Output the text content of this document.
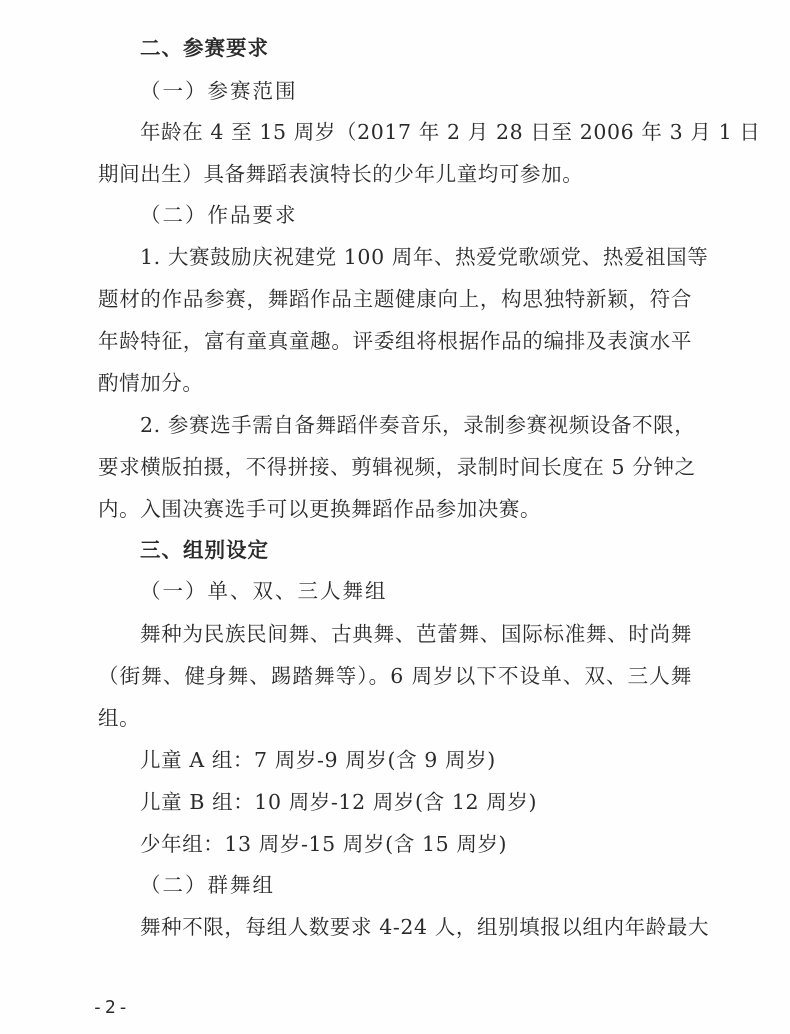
二、参赛要求
（一）参赛范围
年龄在 4 至 15 周岁（2017 年 2 月 28 日至 2006 年 3 月 1 日
期间出生）具备舞蹈表演特长的少年儿童均可参加。
（二）作品要求
1. 大赛鼓励庆祝建党 100 周年、热爱党歌颂党、热爱祖国等
题材的作品参赛，舞蹈作品主题健康向上，构思独特新颖，符合
年龄特征，富有童真童趣。评委组将根据作品的编排及表演水平
酌情加分。
2. 参赛选手需自备舞蹈伴奏音乐，录制参赛视频设备不限，
要求横版拍摄，不得拼接、剪辑视频，录制时间长度在 5 分钟之
内。入围决赛选手可以更换舞蹈作品参加决赛。
三、组别设定
（一）单、双、三人舞组
舞种为民族民间舞、古典舞、芭蕾舞、国际标准舞、时尚舞
（街舞、健身舞、踢踏舞等）。6 周岁以下不设单、双、三人舞
组。
儿童 A 组：7 周岁-9 周岁(含 9 周岁)
儿童 B 组：10 周岁-12 周岁(含 12 周岁)
少年组：13 周岁-15 周岁(含 15 周岁)
（二）群舞组
舞种不限，每组人数要求 4-24 人，组别填报以组内年龄最大
-2-
